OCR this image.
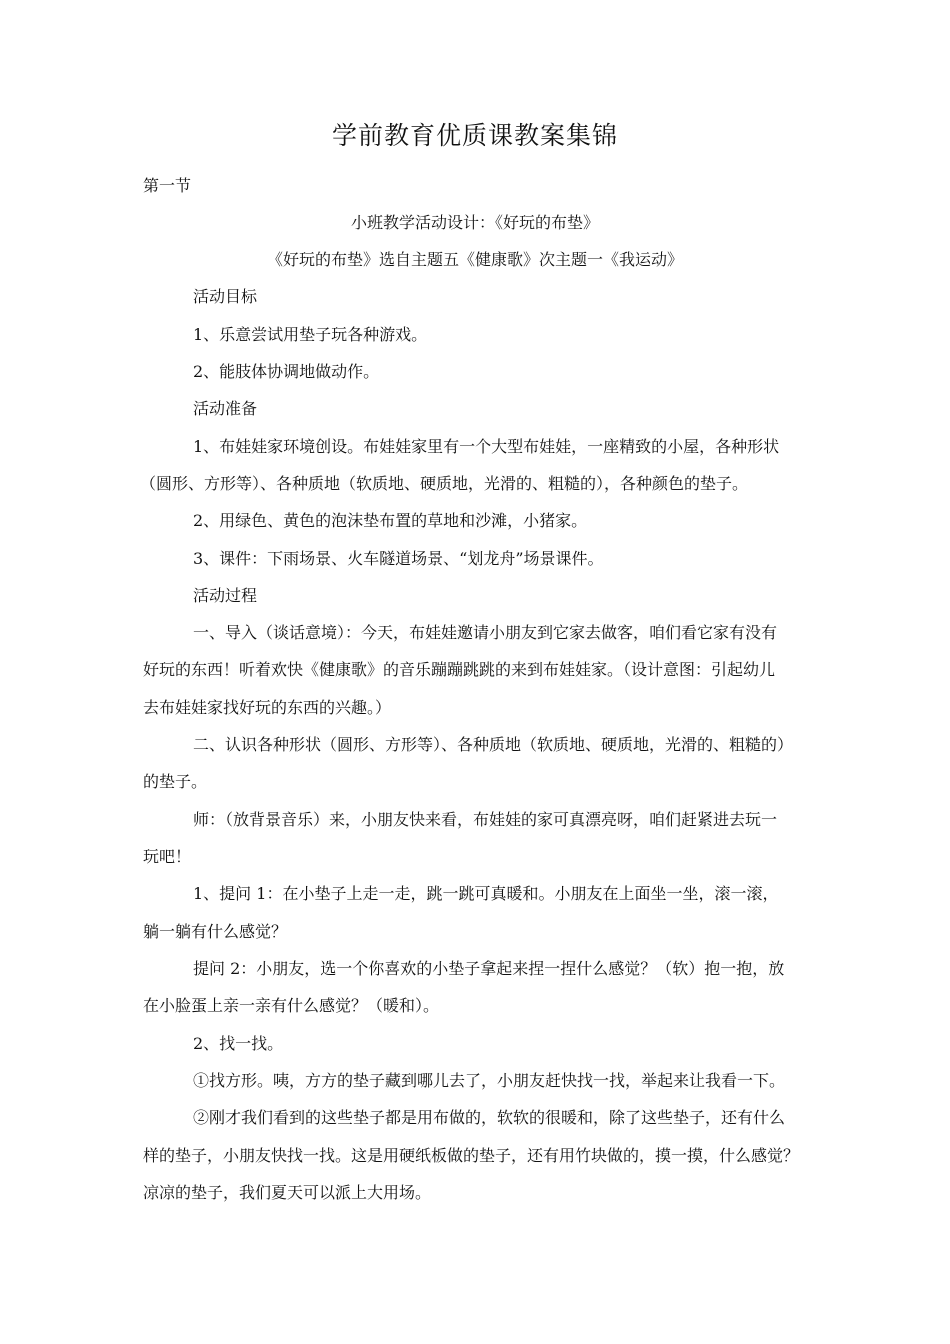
学前教育优质课教案集锦
第一节
小班教学活动设计：《好玩的布垫》
《好玩的布垫》选自主题五《健康歌》次主题一《我运动》
活动目标
1、乐意尝试用垫子玩各种游戏。
2、能肢体协调地做动作。
活动准备
1、布娃娃家环境创设。布娃娃家里有一个大型布娃娃，一座精致的小屋，各种形状
（圆形、方形等）、各种质地（软质地、硬质地，光滑的、粗糙的），各种颜色的垫子。
2、用绿色、黄色的泡沫垫布置的草地和沙滩，小猪家。
3、课件：下雨场景、火车隧道场景、“划龙舟”场景课件。
活动过程
一、导入（谈话意境）：今天，布娃娃邀请小朋友到它家去做客，咱们看它家有没有
好玩的东西！听着欢快《健康歌》的音乐蹦蹦跳跳的来到布娃娃家。（设计意图：引起幼儿
去布娃娃家找好玩的东西的兴趣。）
二、认识各种形状（圆形、方形等）、各种质地（软质地、硬质地，光滑的、粗糙的）
的垫子。
师：（放背景音乐）来，小朋友快来看，布娃娃的家可真漂亮呀，咱们赶紧进去玩一
玩吧！
1、提问 1：在小垫子上走一走，跳一跳可真暖和。小朋友在上面坐一坐，滚一滚，
躺一躺有什么感觉？
提问 2：小朋友，选一个你喜欢的小垫子拿起来捏一捏什么感觉？（软）抱一抱，放
在小脸蛋上亲一亲有什么感觉？（暖和）。
2、找一找。
①找方形。咦，方方的垫子藏到哪儿去了，小朋友赶快找一找，举起来让我看一下。
②刚才我们看到的这些垫子都是用布做的，软软的很暖和，除了这些垫子，还有什么
样的垫子，小朋友快找一找。这是用硬纸板做的垫子，还有用竹块做的，摸一摸，什么感觉？
凉凉的垫子，我们夏天可以派上大用场。
